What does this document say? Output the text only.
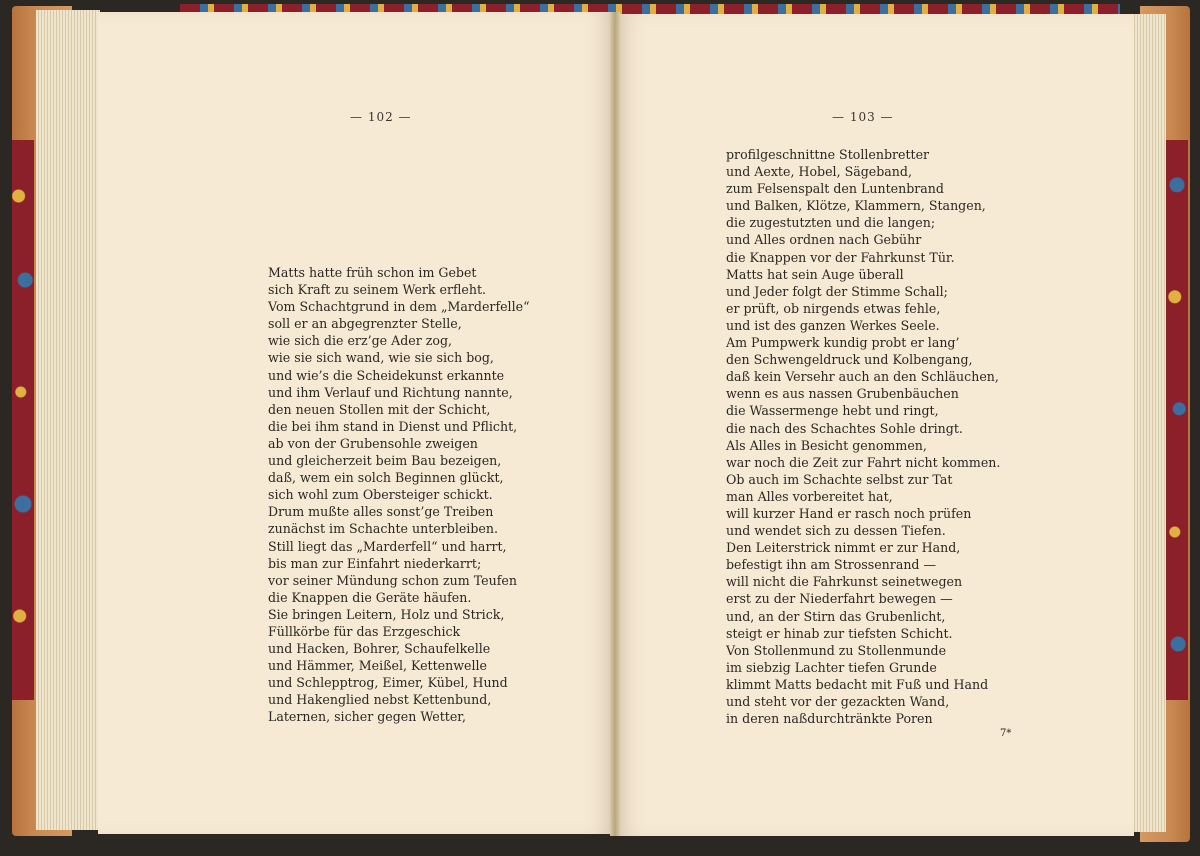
— 102 —	— 103 —
Matts hatte früh schon im Gebet
sich Kraft zu seinem Werk erfleht.
Vom Schachtgrund in dem „Marderfelle“
soll er an abgegrenzter Stelle,
wie sich die erz’ge Ader zog,
wie sie sich wand, wie sie sich bog,
und wie’s die Scheidekunst erkannte
und ihm Verlauf und Richtung nannte,
den neuen Stollen mit der Schicht,
die bei ihm stand in Dienst und Pflicht,
ab von der Grubensohle zweigen
und gleicherzeit beim Bau bezeigen,
daß, wem ein solch Beginnen glückt,
sich wohl zum Obersteiger schickt.
Drum mußte alles sonst’ge Treiben
zunächst im Schachte unterbleiben.
Still liegt das „Marderfell“ und harrt,
bis man zur Einfahrt niederkarrt;
vor seiner Mündung schon zum Teufen
die Knappen die Geräte häufen.
Sie bringen Leitern, Holz und Strick,
Füllkörbe für das Erzgeschick
und Hacken, Bohrer, Schaufelkelle
und Hämmer, Meißel, Kettenwelle
und Schlepptrog, Eimer, Kübel, Hund
und Hakenglied nebst Kettenbund,
Laternen, sicher gegen Wetter,
profilgeschnittne Stollenbretter
und Aexte, Hobel, Sägeband,
zum Felsenspalt den Luntenbrand
und Balken, Klötze, Klammern, Stangen,
die zugestutzten und die langen;
und Alles ordnen nach Gebühr
die Knappen vor der Fahrkunst Tür.
Matts hat sein Auge überall
und Jeder folgt der Stimme Schall;
er prüft, ob nirgends etwas fehle,
und ist des ganzen Werkes Seele.
Am Pumpwerk kundig probt er lang’
den Schwengeldruck und Kolbengang,
daß kein Versehr auch an den Schläuchen,
wenn es aus nassen Grubenbäuchen
die Wassermenge hebt und ringt,
die nach des Schachtes Sohle dringt.
Als Alles in Besicht genommen,
war noch die Zeit zur Fahrt nicht kommen.
Ob auch im Schachte selbst zur Tat
man Alles vorbereitet hat,
will kurzer Hand er rasch noch prüfen
und wendet sich zu dessen Tiefen.
Den Leiterstrick nimmt er zur Hand,
befestigt ihn am Strossenrand —
will nicht die Fahrkunst seinetwegen
erst zu der Niederfahrt bewegen —
und, an der Stirn das Grubenlicht,
steigt er hinab zur tiefsten Schicht.
Von Stollenmund zu Stollenmunde
im siebzig Lachter tiefen Grunde
klimmt Matts bedacht mit Fuß und Hand
und steht vor der gezackten Wand,
in deren naßdurchtränkte Poren
7*
